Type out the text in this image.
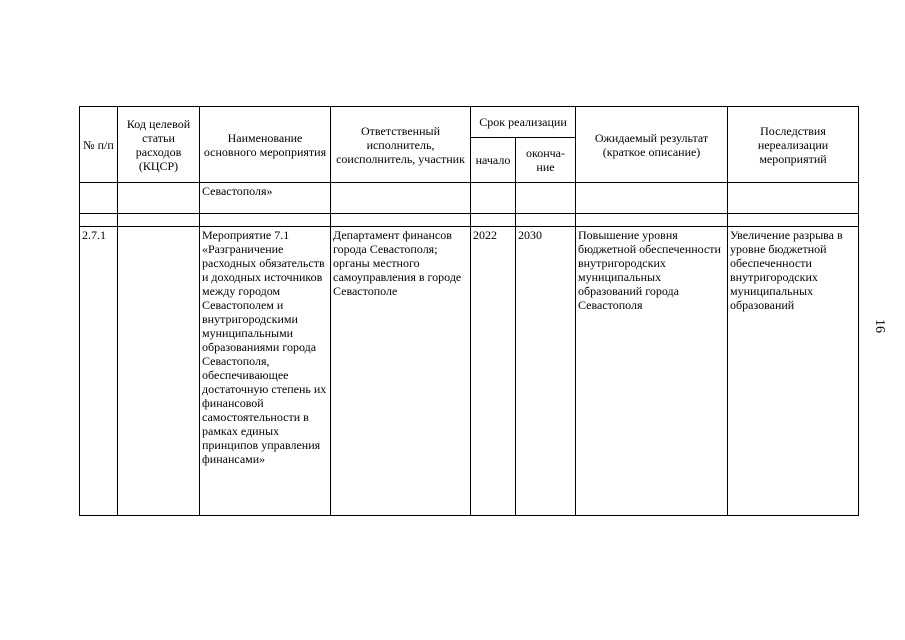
№ п/п	Код целевой статьи расходов (КЦСР)	Наименование основного мероприятия	Ответственный исполнитель, соисполнитель, участник	Срок реализации		Ожидаемый результат (краткое описание)	Последствия нереализации мероприятий
				начало	оконча-ние		
		Севастополя»					

2.7.1		Мероприятие 7.1 «Разграничение расходных обязательств и доходных источников между городом Севастополем и внутригородскими муниципальными образованиями города Севастополя, обеспечивающее достаточную степень их финансовой самостоятельности в рамках единых принципов управления финансами»	Департамент финансов города Севастополя; органы местного самоуправления в городе Севастополе	2022	2030	Повышение уровня бюджетной обеспеченности внутригородских муниципальных образований города Севастополя	Увеличение разрыва в уровне бюджетной обеспеченности внутригородских муниципальных образований
16
